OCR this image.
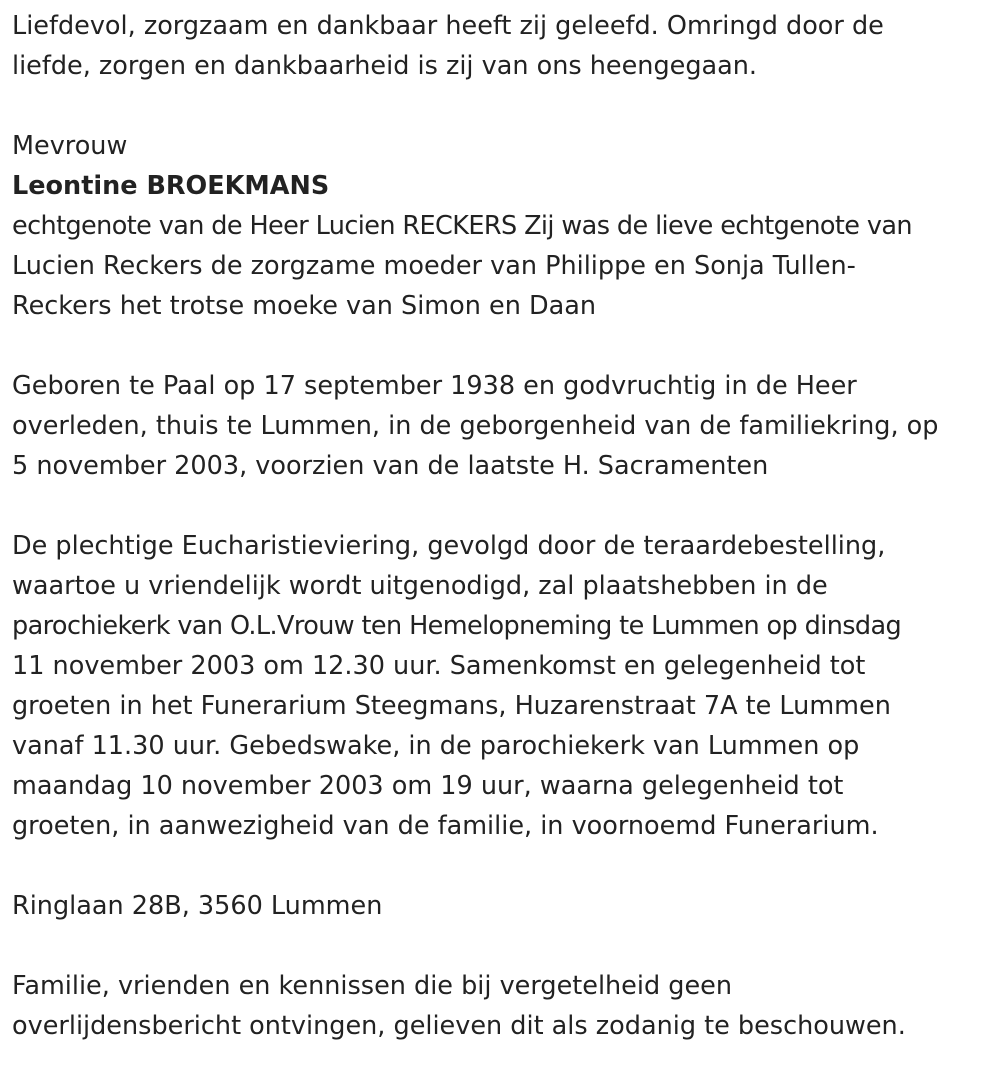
Liefdevol, zorgzaam en dankbaar heeft zij geleefd. Omringd door de
liefde, zorgen en dankbaarheid is zij van ons heengegaan.

Mevrouw

Leontine BROEKMANS

echtgenote van de Heer Lucien RECKERS Zij was de lieve echtgenote van
Lucien Reckers de zorgzame moeder van Philippe en Sonja Tullen-
Reckers het trotse moeke van Simon en Daan

Geboren te Paal op 17 september 1938 en godvruchtig in de Heer
overleden, thuis te Lummen, in de geborgenheid van de familiekring, op
5 november 2003, voorzien van de laatste H. Sacramenten

De plechtige Eucharistieviering, gevolgd door de teraardebestelling,
waartoe u vriendelijk wordt uitgenodigd, zal plaatshebben in de
parochiekerk van O.L.Vrouw ten Hemelopneming te Lummen op dinsdag
11 november 2003 om 12.30 uur. Samenkomst en gelegenheid tot
groeten in het Funerarium Steegmans, Huzarenstraat 7A te Lummen
vanaf 11.30 uur. Gebedswake, in de parochiekerk van Lummen op
maandag 10 november 2003 om 19 uur, waarna gelegenheid tot
groeten, in aanwezigheid van de familie, in voornoemd Funerarium.

Ringlaan 28B, 3560 Lummen

Familie, vrienden en kennissen die bij vergetelheid geen
overlijdensbericht ontvingen, gelieven dit als zodanig te beschouwen.
